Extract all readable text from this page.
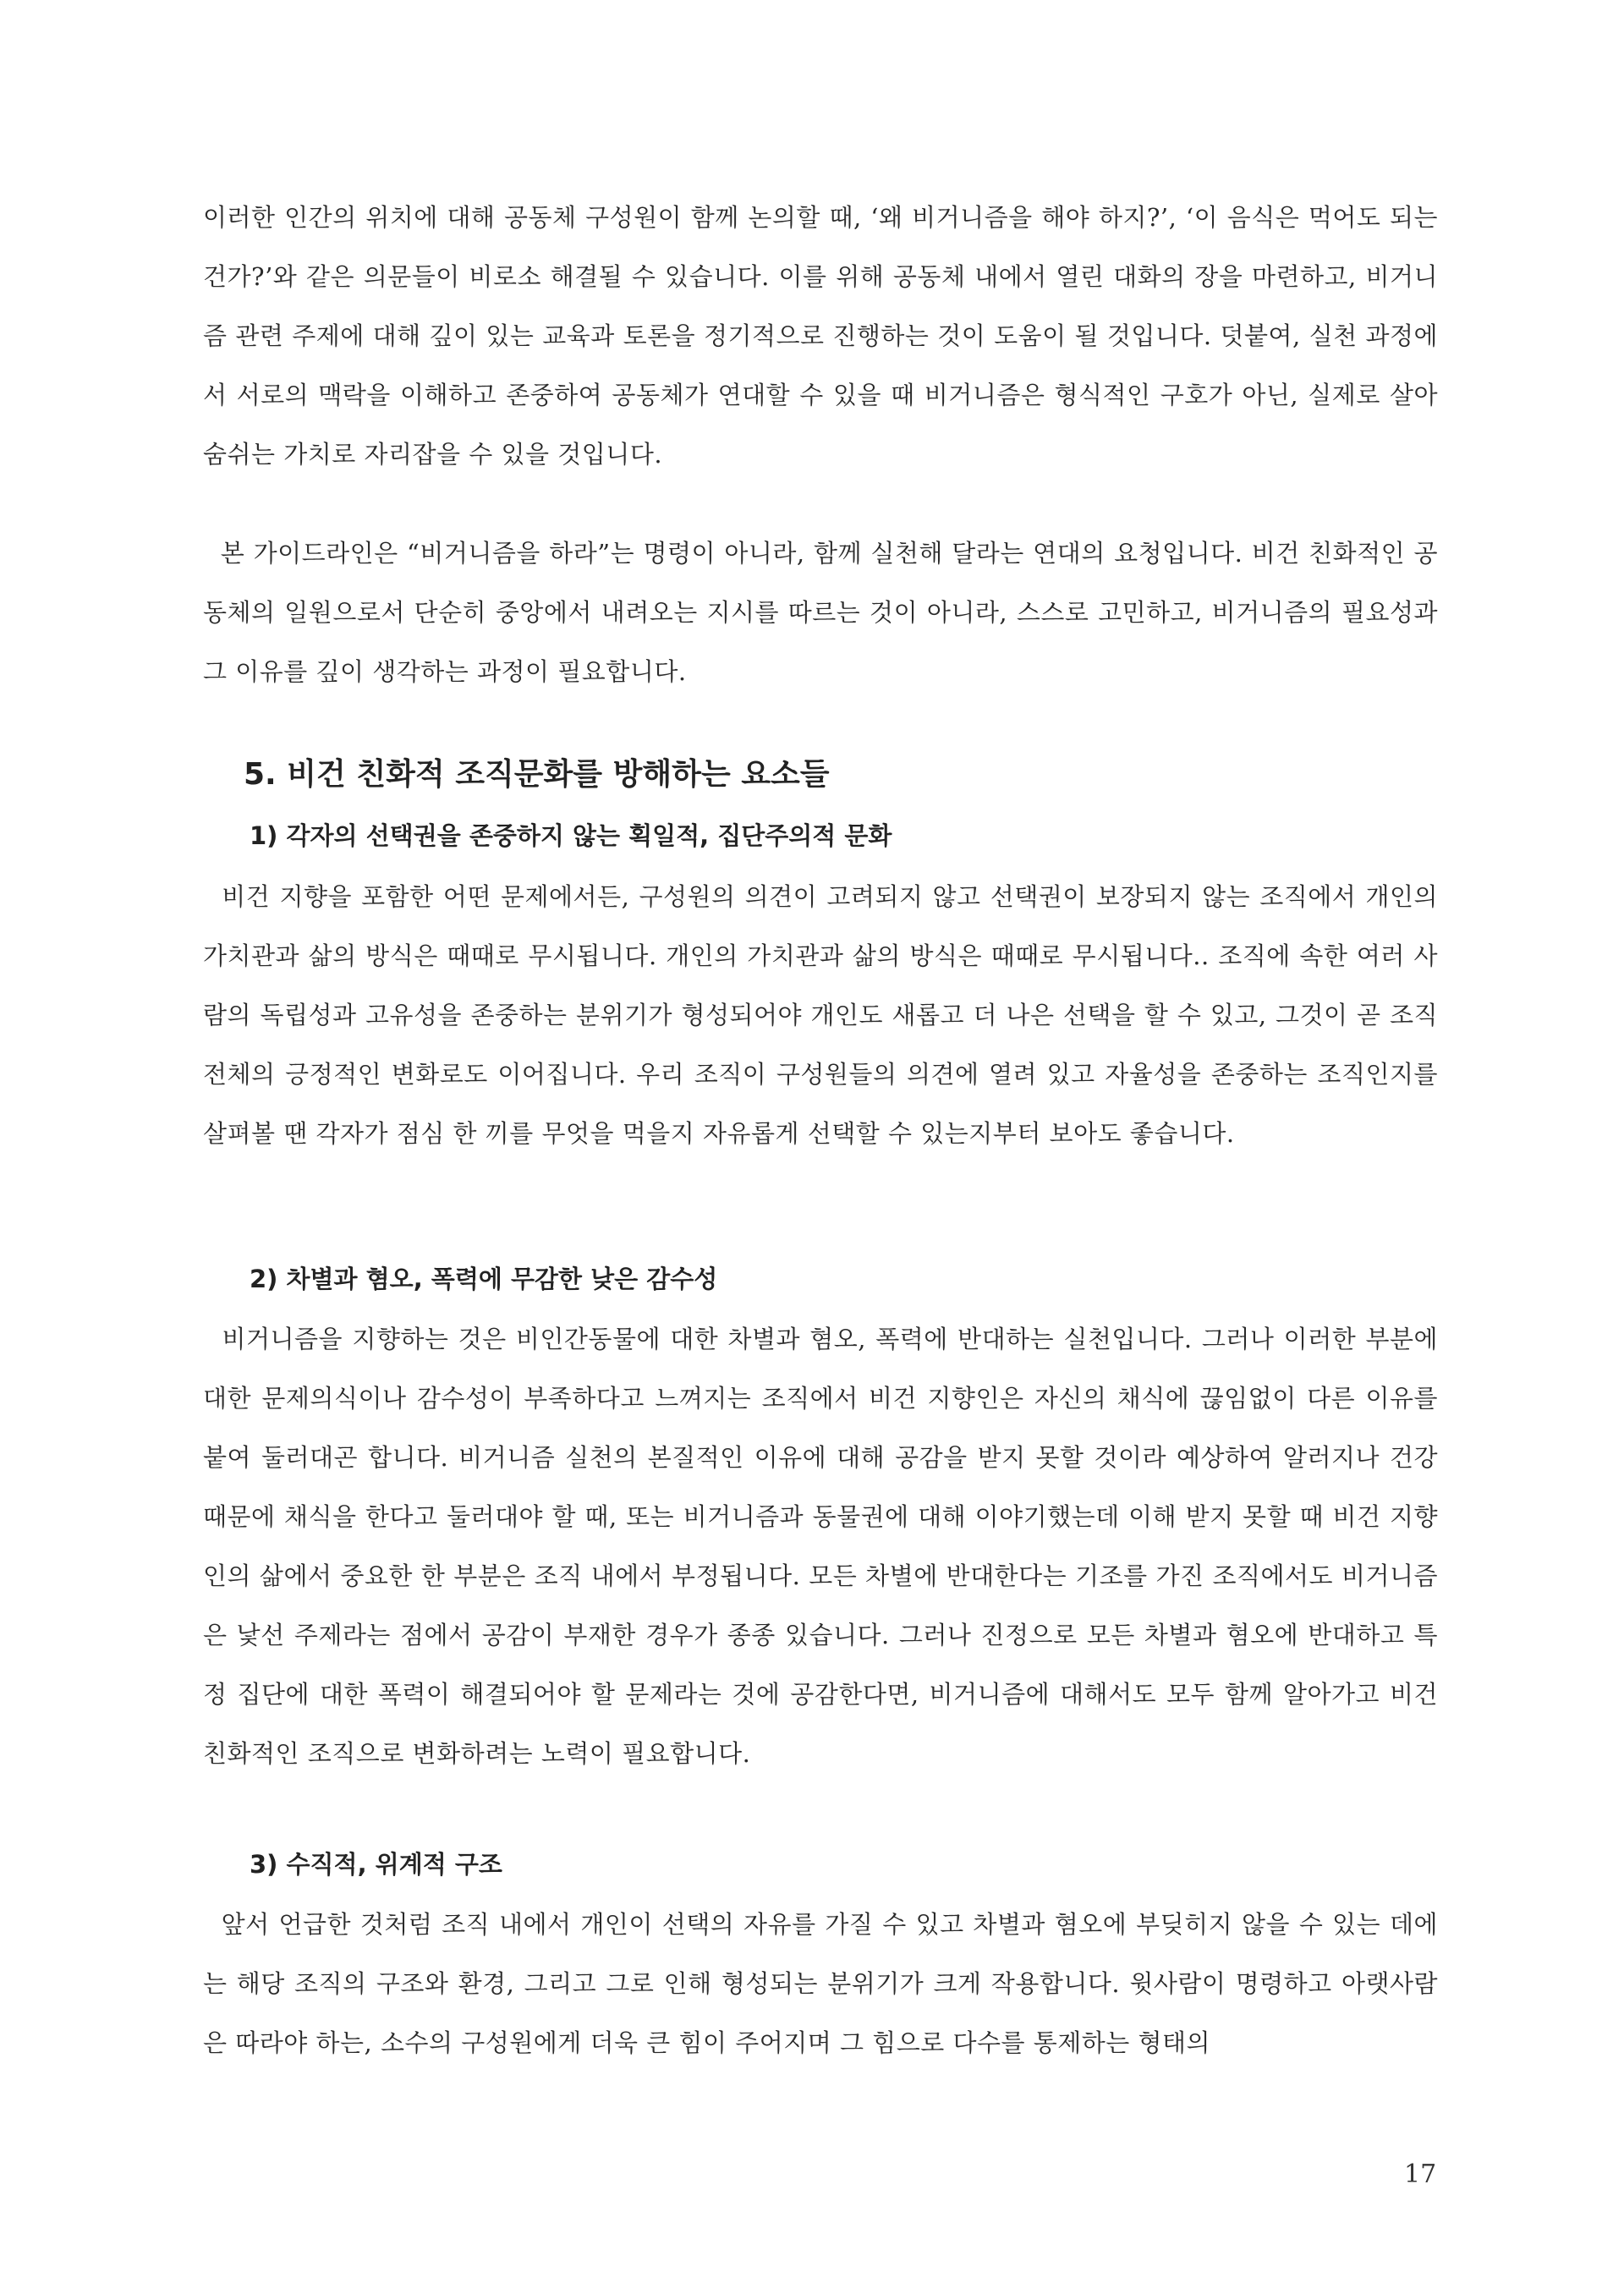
이러한 인간의 위치에 대해 공동체 구성원이 함께 논의할 때, ‘왜 비거니즘을 해야 하지?’, ‘이 음식은 먹어도 되는 건가?’와 같은 의문들이 비로소 해결될 수 있습니다. 이를 위해 공동체 내에서 열린 대화의 장을 마련하고, 비거니즘 관련 주제에 대해 깊이 있는 교육과 토론을 정기적으로 진행하는 것이 도움이 될 것입니다. 덧붙여, 실천 과정에서 서로의 맥락을 이해하고 존중하여 공동체가 연대할 수 있을 때 비거니즘은 형식적인 구호가 아닌, 실제로 살아 숨쉬는 가치로 자리잡을 수 있을 것입니다.

본 가이드라인은 “비거니즘을 하라”는 명령이 아니라, 함께 실천해 달라는 연대의 요청입니다. 비건 친화적인 공동체의 일원으로서 단순히 중앙에서 내려오는 지시를 따르는 것이 아니라, 스스로 고민하고, 비거니즘의 필요성과 그 이유를 깊이 생각하는 과정이 필요합니다.

5. 비건 친화적 조직문화를 방해하는 요소들
1) 각자의 선택권을 존중하지 않는 획일적, 집단주의적 문화

비건 지향을 포함한 어떤 문제에서든, 구성원의 의견이 고려되지 않고 선택권이 보장되지 않는 조직에서 개인의 가치관과 삶의 방식은 때때로 무시됩니다. 개인의 가치관과 삶의 방식은 때때로 무시됩니다.. 조직에 속한 여러 사람의 독립성과 고유성을 존중하는 분위기가 형성되어야 개인도 새롭고 더 나은 선택을 할 수 있고, 그것이 곧 조직 전체의 긍정적인 변화로도 이어집니다. 우리 조직이 구성원들의 의견에 열려 있고 자율성을 존중하는 조직인지를 살펴볼 땐 각자가 점심 한 끼를 무엇을 먹을지 자유롭게 선택할 수 있는지부터 보아도 좋습니다.

2) 차별과 혐오, 폭력에 무감한 낮은 감수성

비거니즘을 지향하는 것은 비인간동물에 대한 차별과 혐오, 폭력에 반대하는 실천입니다. 그러나 이러한 부분에 대한 문제의식이나 감수성이 부족하다고 느껴지는 조직에서 비건 지향인은 자신의 채식에 끊임없이 다른 이유를 붙여 둘러대곤 합니다. 비거니즘 실천의 본질적인 이유에 대해 공감을 받지 못할 것이라 예상하여 알러지나 건강 때문에 채식을 한다고 둘러대야 할 때, 또는 비거니즘과 동물권에 대해 이야기했는데 이해 받지 못할 때 비건 지향인의 삶에서 중요한 한 부분은 조직 내에서 부정됩니다. 모든 차별에 반대한다는 기조를 가진 조직에서도 비거니즘은 낯선 주제라는 점에서 공감이 부재한 경우가 종종 있습니다. 그러나 진정으로 모든 차별과 혐오에 반대하고 특정 집단에 대한 폭력이 해결되어야 할 문제라는 것에 공감한다면, 비거니즘에 대해서도 모두 함께 알아가고 비건 친화적인 조직으로 변화하려는 노력이 필요합니다.

3) 수직적, 위계적 구조

앞서 언급한 것처럼 조직 내에서 개인이 선택의 자유를 가질 수 있고 차별과 혐오에 부딪히지 않을 수 있는 데에는 해당 조직의 구조와 환경, 그리고 그로 인해 형성되는 분위기가 크게 작용합니다. 윗사람이 명령하고 아랫사람은 따라야 하는, 소수의 구성원에게 더욱 큰 힘이 주어지며 그 힘으로 다수를 통제하는 형태의

17
